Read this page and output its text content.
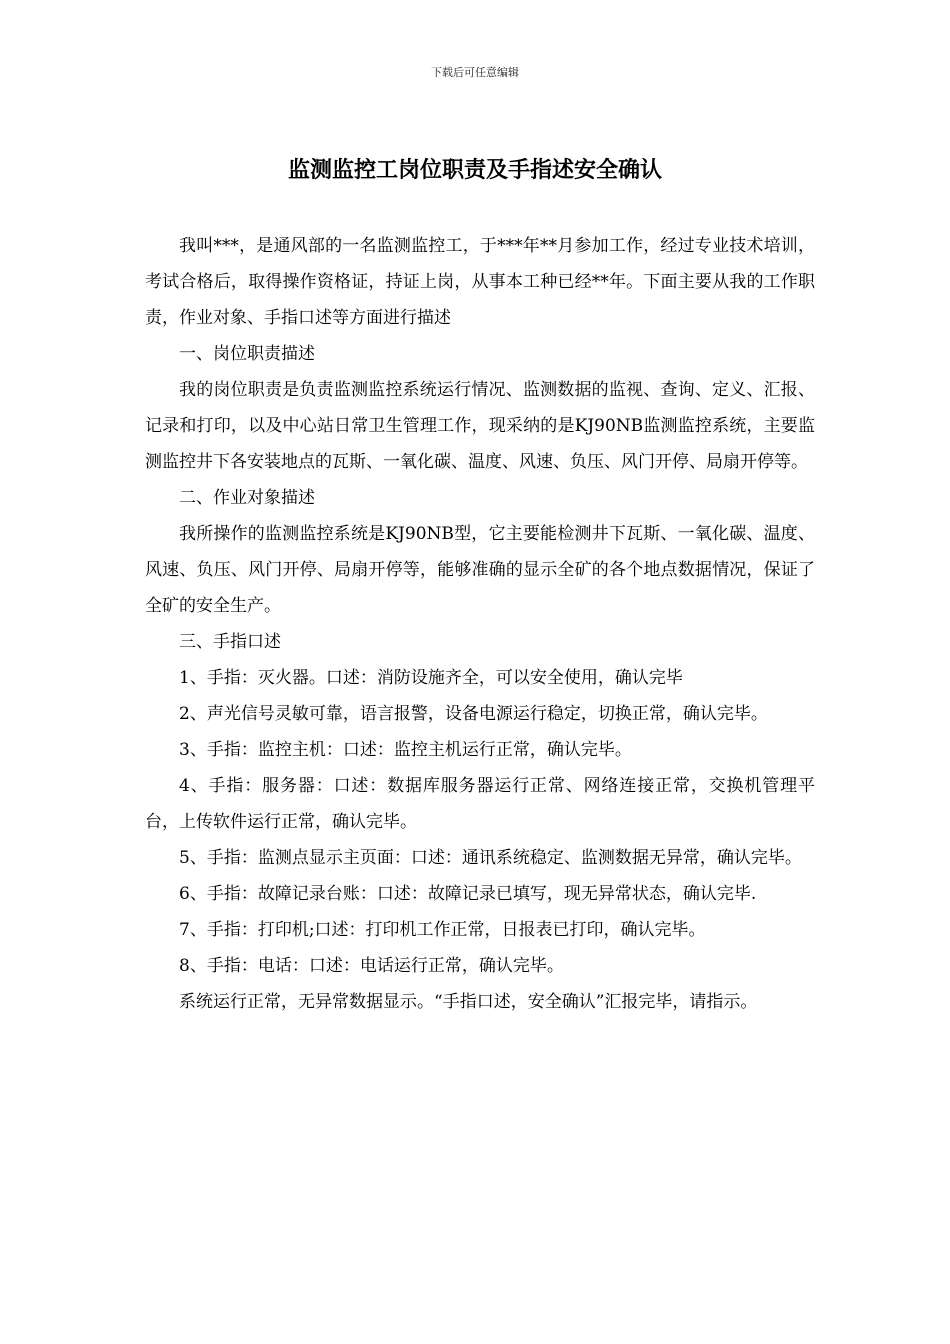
下载后可任意编辑
监测监控工岗位职责及手指述安全确认

我叫***，是通风部的一名监测监控工，于***年**月参加工作，经过专业技术培训，考试合格后，取得操作资格证，持证上岗，从事本工种已经**年。下面主要从我的工作职责，作业对象、手指口述等方面进行描述

一、岗位职责描述

我的岗位职责是负责监测监控系统运行情况、监测数据的监视、查询、定义、汇报、记录和打印，以及中心站日常卫生管理工作，现采纳的是KJ90NB监测监控系统，主要监测监控井下各安装地点的瓦斯、一氧化碳、温度、风速、负压、风门开停、局扇开停等。

二、作业对象描述

我所操作的监测监控系统是KJ90NB型，它主要能检测井下瓦斯、一氧化碳、温度、风速、负压、风门开停、局扇开停等，能够准确的显示全矿的各个地点数据情况，保证了全矿的安全生产。

三、手指口述

1、手指：灭火器。口述：消防设施齐全，可以安全使用，确认完毕

2、声光信号灵敏可靠，语言报警，设备电源运行稳定，切换正常，确认完毕。

3、手指：监控主机：口述：监控主机运行正常，确认完毕。

4、手指：服务器：口述：数据库服务器运行正常、网络连接正常，交换机管理平台，上传软件运行正常，确认完毕。

5、手指：监测点显示主页面：口述：通讯系统稳定、监测数据无异常，确认完毕。

6、手指：故障记录台账：口述：故障记录已填写，现无异常状态，确认完毕.

7、手指：打印机;口述：打印机工作正常，日报表已打印，确认完毕。

8、手指：电话：口述：电话运行正常，确认完毕。

系统运行正常，无异常数据显示。“手指口述，安全确认”汇报完毕，请指示。
